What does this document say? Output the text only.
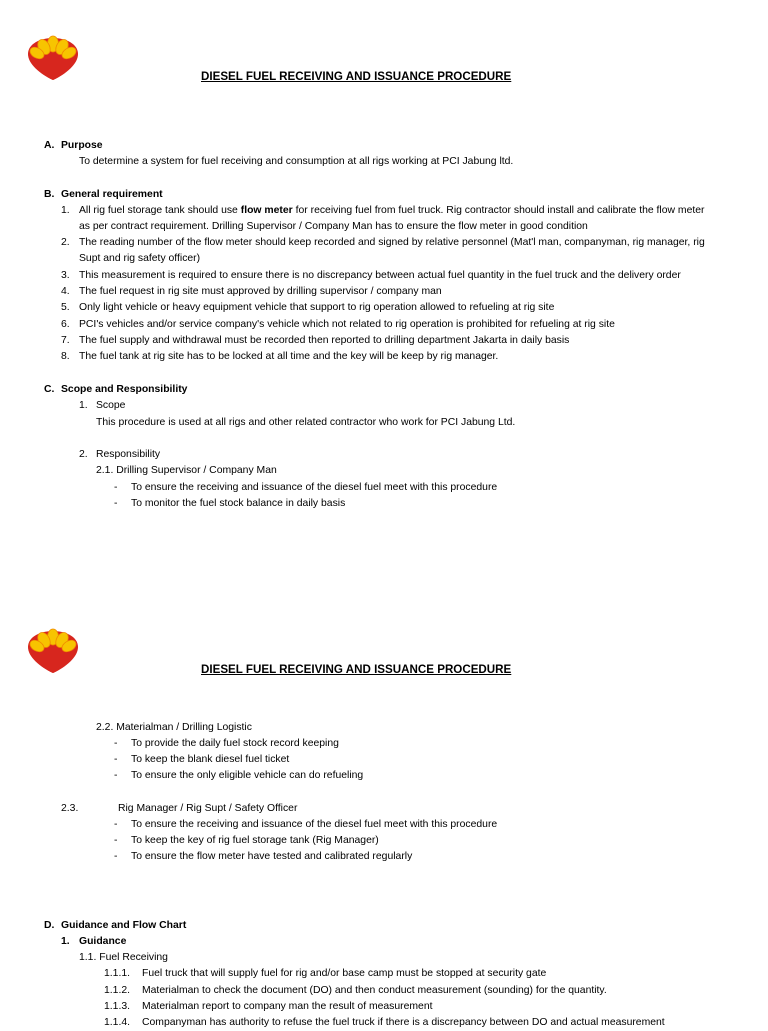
DIESEL FUEL RECEIVING AND ISSUANCE PROCEDURE
A. Purpose
To determine a system for fuel receiving and consumption at all rigs working at PCI Jabung ltd.
B. General requirement
1. All rig fuel storage tank should use flow meter for receiving fuel from fuel truck. Rig contractor should install and calibrate the flow meter
as per contract requirement. Drilling Supervisor / Company Man has to ensure the flow meter in good condition
2. The reading number of the flow meter should keep recorded and signed by relative personnel (Mat'l man, companyman, rig manager, rig
Supt and rig safety officer)
3. This measurement is required to ensure there is no discrepancy between actual fuel quantity in the fuel truck and the delivery order
4. The fuel request in rig site must approved by drilling supervisor / company man
5. Only light vehicle or heavy equipment vehicle that support to rig operation allowed to refueling at rig site
6. PCI's vehicles and/or service company's vehicle which not related to rig operation is prohibited for refueling at rig site
7. The fuel supply and withdrawal must be recorded then reported to drilling department Jakarta in daily basis
8. The fuel tank at rig site has to be locked at all time and the key will be keep by rig manager.
C. Scope and Responsibility
1. Scope
This procedure is used at all rigs and other related contractor who work for PCI Jabung Ltd.
2. Responsibility
2.1. Drilling Supervisor / Company Man
- To ensure the receiving and issuance of the diesel fuel meet with this procedure
- To monitor the fuel stock balance in daily basis
DIESEL FUEL RECEIVING AND ISSUANCE PROCEDURE
2.2. Materialman / Drilling Logistic
- To provide the daily fuel stock record keeping
- To keep the blank diesel fuel ticket
- To ensure the only eligible vehicle can do refueling
2.3.	Rig Manager / Rig Supt / Safety Officer
- To ensure the receiving and issuance of the diesel fuel meet with this procedure
- To keep the key of rig fuel storage tank (Rig Manager)
- To ensure the flow meter have tested and calibrated regularly
D. Guidance and Flow Chart
1. Guidance
1.1. Fuel Receiving
1.1.1. Fuel truck that will supply fuel for rig and/or base camp must be stopped at security gate
1.1.2. Materialman to check the document (DO) and then conduct measurement (sounding) for the quantity.
1.1.3. Materialman report to company man the result of measurement
1.1.4. Companyman has authority to refuse the fuel truck if there is a discrepancy between DO and actual measurement
